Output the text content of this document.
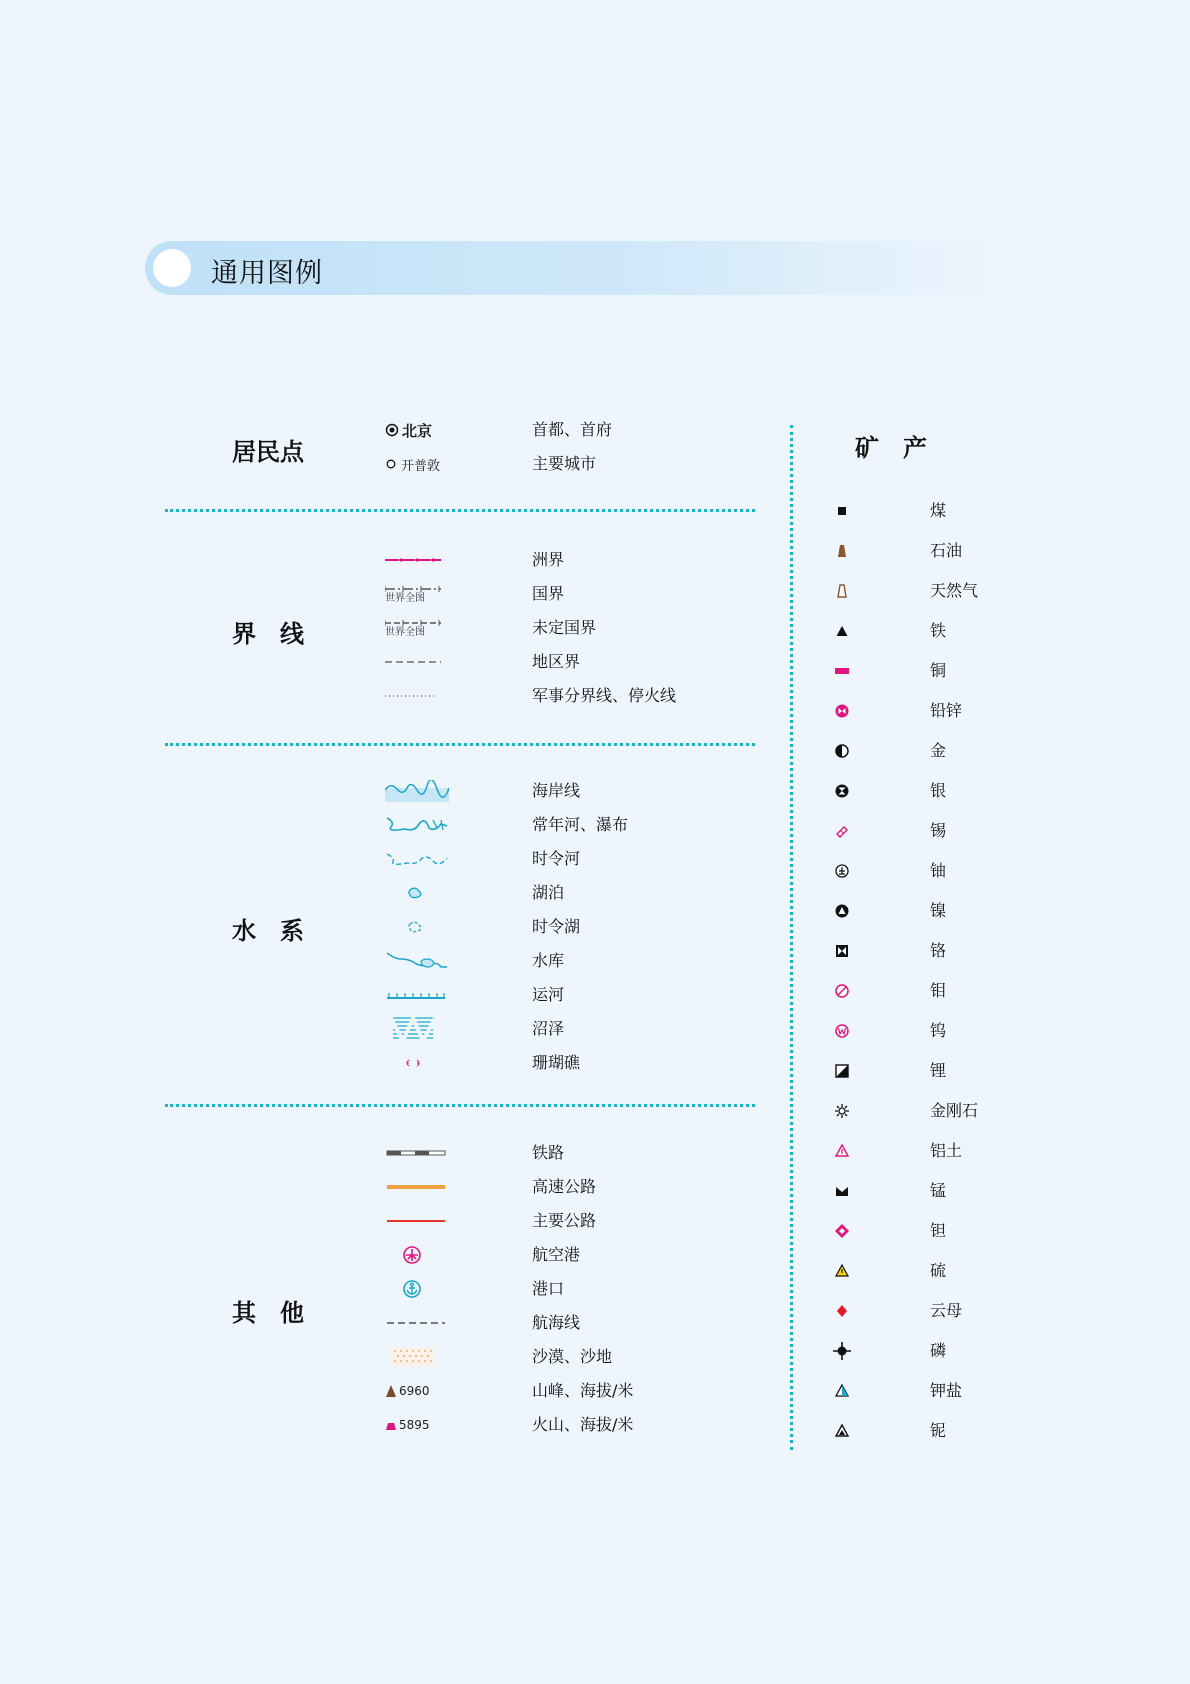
通用图例
居民点
界　线
水　系
其　他
北京	首都、首府
开普敦	主要城市
洲界
世界全图	国界
世界全图	未定国界
地区界
军事分界线、停火线
海岸线
常年河、瀑布
时令河
湖泊
时令湖
水库
运河
沼泽
珊瑚礁
铁路
高速公路
主要公路
航空港
港口
航海线
沙漠、沙地
6960	山峰、海拔/米
5895	火山、海拔/米
矿　产
煤
石油
天然气
铁
铜
铅锌
金
银
锡
铀
镍
铬
钼
钨
锂
金刚石
铝土
锰
钽
硫
云母
磷
钾盐
铌
